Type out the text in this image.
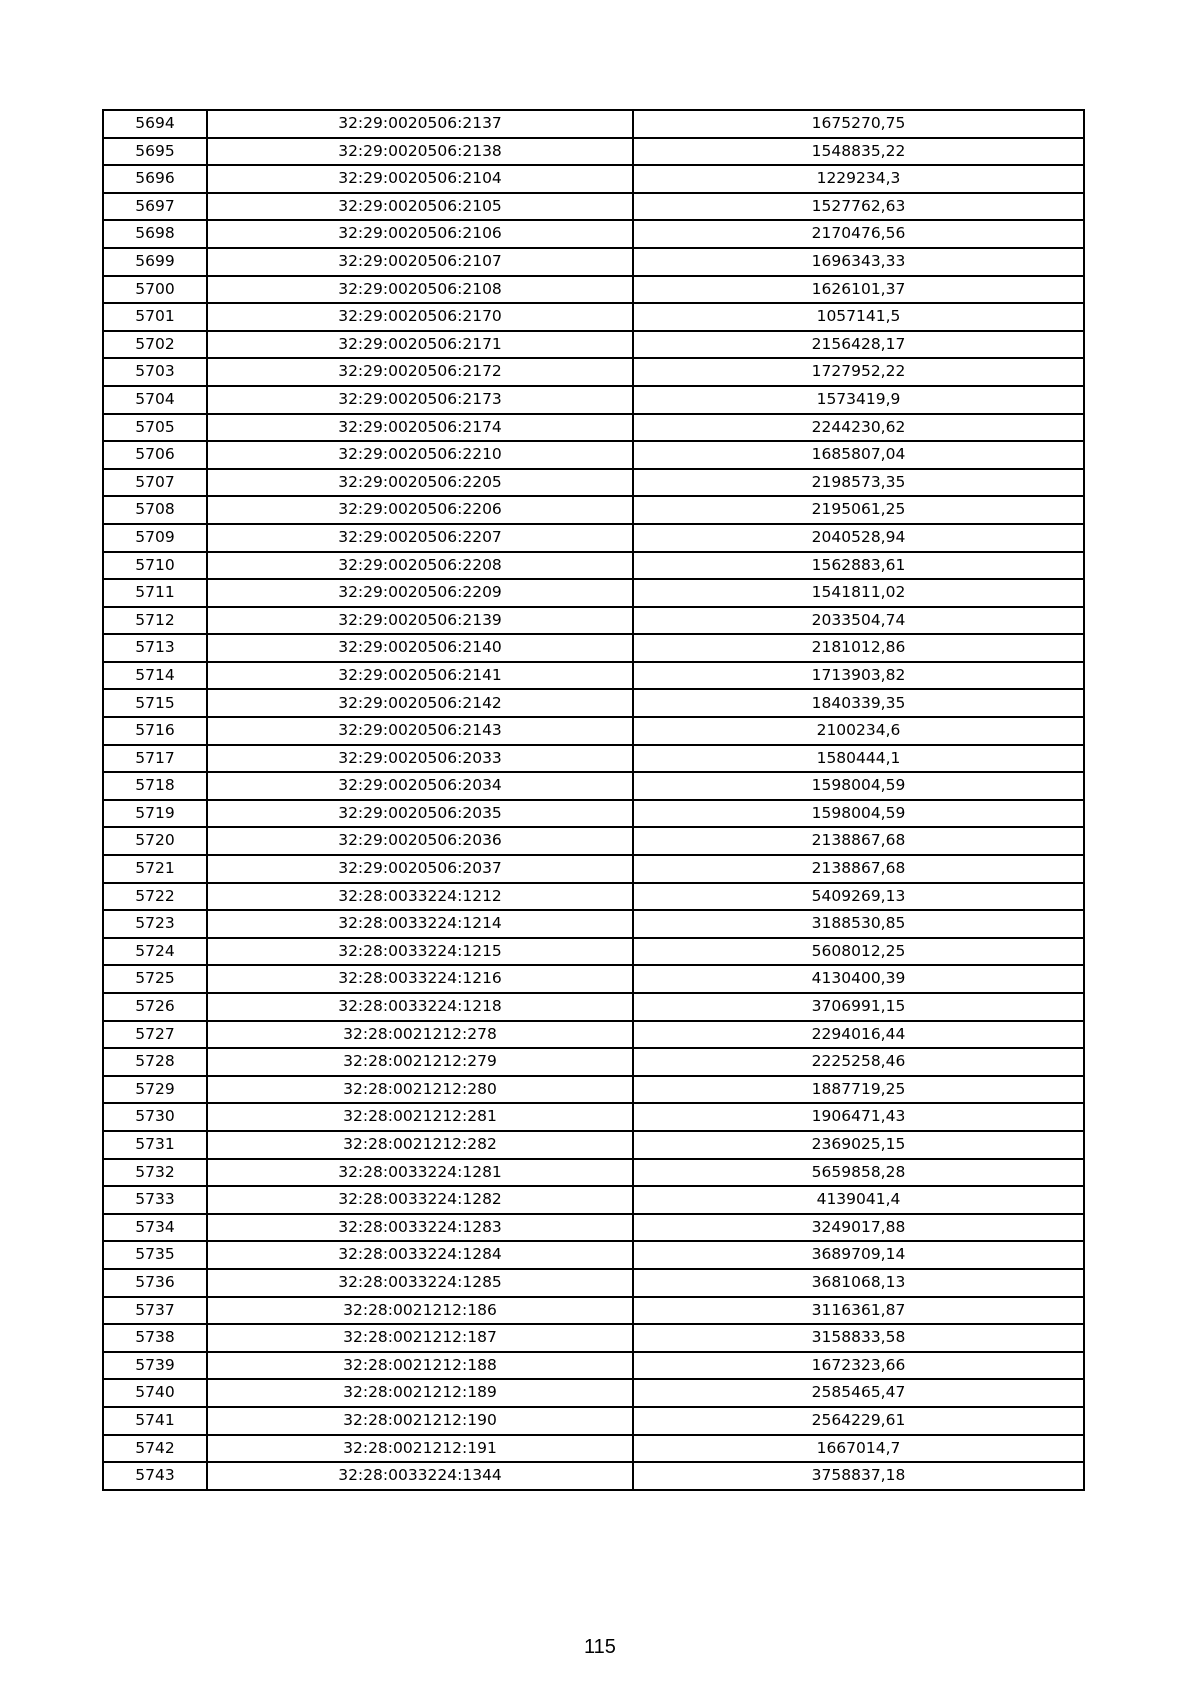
5694	32:29:0020506:2137	1675270,75
5695	32:29:0020506:2138	1548835,22
5696	32:29:0020506:2104	1229234,3
5697	32:29:0020506:2105	1527762,63
5698	32:29:0020506:2106	2170476,56
5699	32:29:0020506:2107	1696343,33
5700	32:29:0020506:2108	1626101,37
5701	32:29:0020506:2170	1057141,5
5702	32:29:0020506:2171	2156428,17
5703	32:29:0020506:2172	1727952,22
5704	32:29:0020506:2173	1573419,9
5705	32:29:0020506:2174	2244230,62
5706	32:29:0020506:2210	1685807,04
5707	32:29:0020506:2205	2198573,35
5708	32:29:0020506:2206	2195061,25
5709	32:29:0020506:2207	2040528,94
5710	32:29:0020506:2208	1562883,61
5711	32:29:0020506:2209	1541811,02
5712	32:29:0020506:2139	2033504,74
5713	32:29:0020506:2140	2181012,86
5714	32:29:0020506:2141	1713903,82
5715	32:29:0020506:2142	1840339,35
5716	32:29:0020506:2143	2100234,6
5717	32:29:0020506:2033	1580444,1
5718	32:29:0020506:2034	1598004,59
5719	32:29:0020506:2035	1598004,59
5720	32:29:0020506:2036	2138867,68
5721	32:29:0020506:2037	2138867,68
5722	32:28:0033224:1212	5409269,13
5723	32:28:0033224:1214	3188530,85
5724	32:28:0033224:1215	5608012,25
5725	32:28:0033224:1216	4130400,39
5726	32:28:0033224:1218	3706991,15
5727	32:28:0021212:278	2294016,44
5728	32:28:0021212:279	2225258,46
5729	32:28:0021212:280	1887719,25
5730	32:28:0021212:281	1906471,43
5731	32:28:0021212:282	2369025,15
5732	32:28:0033224:1281	5659858,28
5733	32:28:0033224:1282	4139041,4
5734	32:28:0033224:1283	3249017,88
5735	32:28:0033224:1284	3689709,14
5736	32:28:0033224:1285	3681068,13
5737	32:28:0021212:186	3116361,87
5738	32:28:0021212:187	3158833,58
5739	32:28:0021212:188	1672323,66
5740	32:28:0021212:189	2585465,47
5741	32:28:0021212:190	2564229,61
5742	32:28:0021212:191	1667014,7
5743	32:28:0033224:1344	3758837,18
115
